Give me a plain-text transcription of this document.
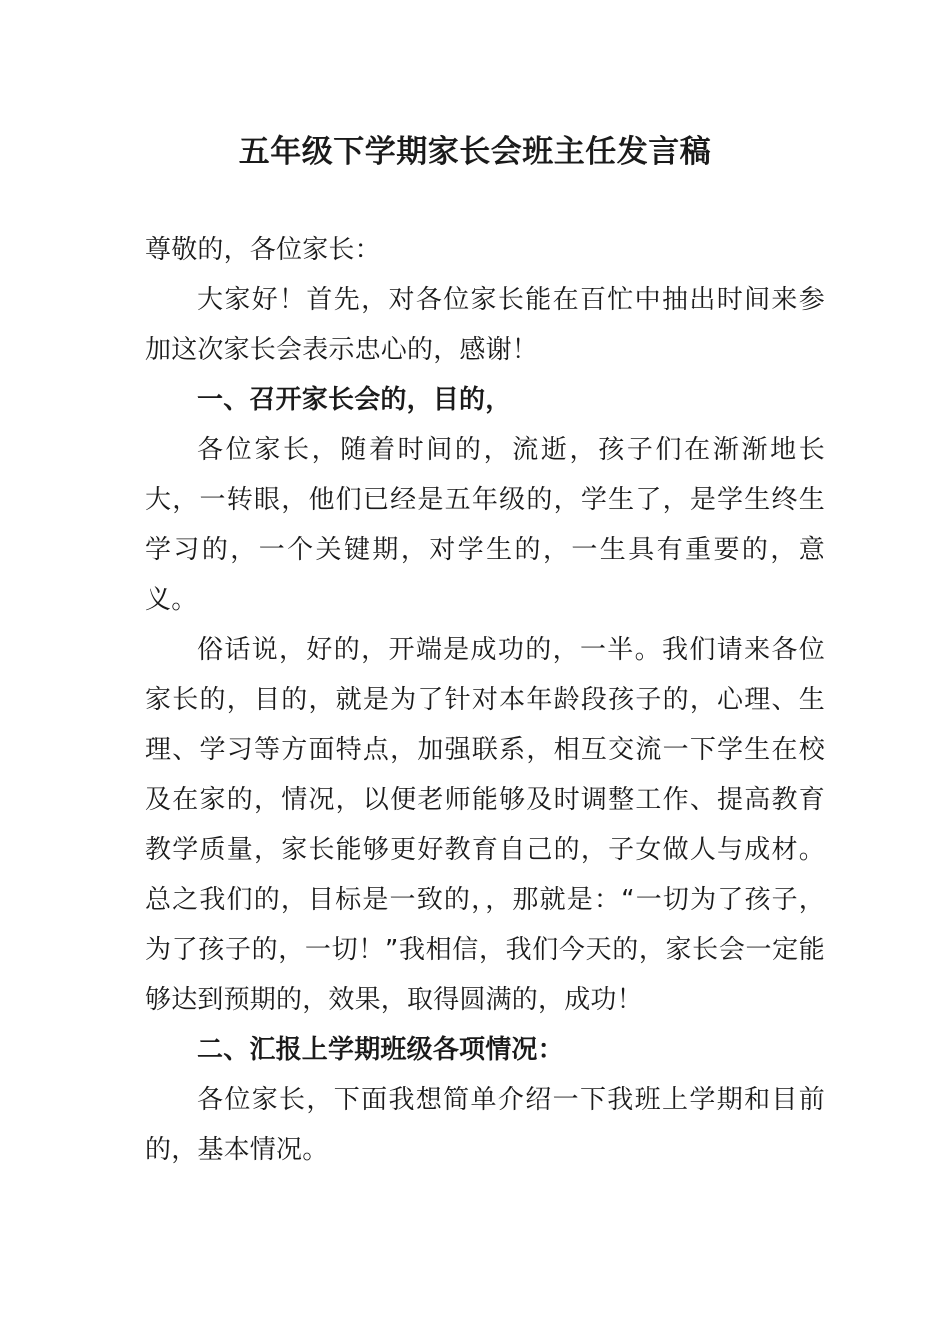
五年级下学期家长会班主任发言稿

尊敬的，各位家长：

大家好！首先，对各位家长能在百忙中抽出时间来参加这次家长会表示忠心的，感谢！

一、召开家长会的，目的，

各位家长，随着时间的，流逝，孩子们在渐渐地长大，一转眼，他们已经是五年级的，学生了，是学生终生学习的，一个关键期，对学生的，一生具有重要的，意义。

俗话说，好的，开端是成功的，一半。我们请来各位家长的，目的，就是为了针对本年龄段孩子的，心理、生理、学习等方面特点，加强联系，相互交流一下学生在校及在家的，情况，以便老师能够及时调整工作、提高教育教学质量，家长能够更好教育自己的，子女做人与成材。总之我们的，目标是一致的，，那就是：“一切为了孩子，为了孩子的，一切！”我相信，我们今天的，家长会一定能够达到预期的，效果，取得圆满的，成功！

二、汇报上学期班级各项情况：

各位家长，下面我想简单介绍一下我班上学期和目前的，基本情况。
